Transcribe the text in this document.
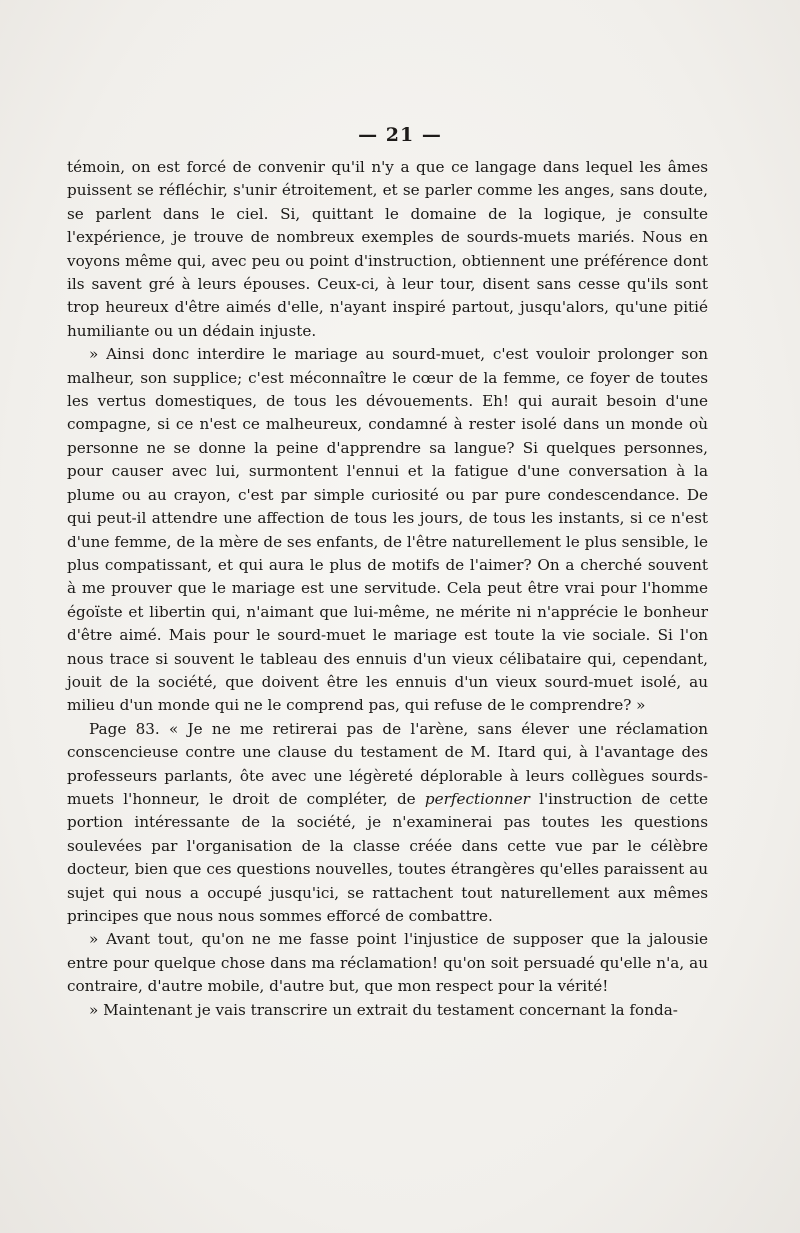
— 21 —

témoin, on est forcé de convenir qu'il n'y a que ce langage dans lequel les âmes puissent se réfléchir, s'unir étroitement, et se parler comme les anges, sans doute, se parlent dans le ciel. Si, quittant le domaine de la logique, je consulte l'expérience, je trouve de nombreux exemples de sourds-muets mariés. Nous en voyons même qui, avec peu ou point d'instruction, obtiennent une préférence dont ils savent gré à leurs épouses. Ceux-ci, à leur tour, disent sans cesse qu'ils sont trop heureux d'être aimés d'elle, n'ayant inspiré partout, jusqu'alors, qu'une pitié humiliante ou un dédain injuste.

» Ainsi donc interdire le mariage au sourd-muet, c'est vouloir prolonger son malheur, son supplice; c'est méconnaître le cœur de la femme, ce foyer de toutes les vertus domestiques, de tous les dévouements. Eh! qui aurait besoin d'une compagne, si ce n'est ce malheureux, condamné à rester isolé dans un monde où personne ne se donne la peine d'apprendre sa langue? Si quelques personnes, pour causer avec lui, surmontent l'ennui et la fatigue d'une conversation à la plume ou au crayon, c'est par simple curiosité ou par pure condescendance. De qui peut-il attendre une affection de tous les jours, de tous les instants, si ce n'est d'une femme, de la mère de ses enfants, de l'être naturellement le plus sensible, le plus compatissant, et qui aura le plus de motifs de l'aimer? On a cherché souvent à me prouver que le mariage est une servitude. Cela peut être vrai pour l'homme égoïste et libertin qui, n'aimant que lui-même, ne mérite ni n'apprécie le bonheur d'être aimé. Mais pour le sourd-muet le mariage est toute la vie sociale. Si l'on nous trace si souvent le tableau des ennuis d'un vieux célibataire qui, cependant, jouit de la société, que doivent être les ennuis d'un vieux sourd-muet isolé, au milieu d'un monde qui ne le comprend pas, qui refuse de le comprendre? »

Page 83. « Je ne me retirerai pas de l'arène, sans élever une réclamation conscencieuse contre une clause du testament de M. Itard qui, à l'avantage des professeurs parlants, ôte avec une légèreté déplorable à leurs collègues sourds-muets l'honneur, le droit de compléter, de perfectionner l'instruction de cette portion intéressante de la société, je n'examinerai pas toutes les questions soulevées par l'organisation de la classe créée dans cette vue par le célèbre docteur, bien que ces questions nouvelles, toutes étrangères qu'elles paraissent au sujet qui nous a occupé jusqu'ici, se rattachent tout naturellement aux mêmes principes que nous nous sommes efforcé de combattre.

» Avant tout, qu'on ne me fasse point l'injustice de supposer que la jalousie entre pour quelque chose dans ma réclamation! qu'on soit persuadé qu'elle n'a, au contraire, d'autre mobile, d'autre but, que mon respect pour la vérité!

» Maintenant je vais transcrire un extrait du testament concernant la fonda-
